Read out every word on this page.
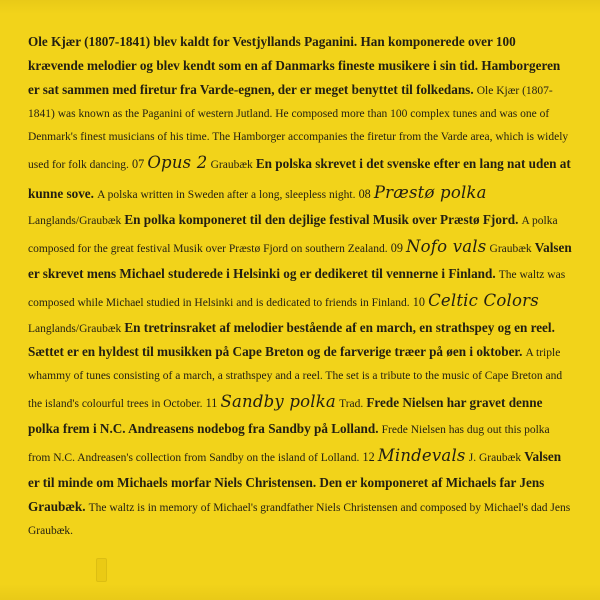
Ole Kjær (1807-1841) blev kaldt for Vestjyllands Paganini. Han komponerede over 100 krævende melodier og blev kendt som en af Danmarks fineste musikere i sin tid. Hamborgeren er sat sammen med firetur fra Varde-egnen, der er meget benyttet til folkedans. Ole Kjær (1807-1841) was known as the Paganini of western Jutland. He composed more than 100 complex tunes and was one of Denmark's finest musicians of his time. The Hamborger accompanies the firetur from the Varde area, which is widely used for folk dancing. 07 Opus 2 Graubæk En polska skrevet i det svenske efter en lang nat uden at kunne sove. A polska written in Sweden after a long, sleepless night. 08 Præstø polka Langlands/Graubæk En polka komponeret til den dejlige festival Musik over Præstø Fjord. A polka composed for the great festival Musik over Præstø Fjord on southern Zealand. 09 Nofo vals Graubæk Valsen er skrevet mens Michael studerede i Helsinki og er dedikeret til vennerne i Finland. The waltz was composed while Michael studied in Helsinki and is dedicated to friends in Finland. 10 Celtic Colors Langlands/Graubæk En tretrinsraket af melodier bestående af en march, en strathspey og en reel. Sættet er en hyldest til musikken på Cape Breton og de farverige træer på øen i oktober. A triple whammy of tunes consisting of a march, a strathspey and a reel. The set is a tribute to the music of Cape Breton and the island's colourful trees in October. 11 Sandby polka Trad. Frede Nielsen har gravet denne polka frem i N.C. Andreasens nodebog fra Sandby på Lolland. Frede Nielsen has dug out this polka from N.C. Andreasen's collection from Sandby on the island of Lolland. 12 Mindevals J. Graubæk Valsen er til minde om Michaels morfar Niels Christensen. Den er komponeret af Michaels far Jens Graubæk. The waltz is in memory of Michael's grandfather Niels Christensen and composed by Michael's dad Jens Graubæk.
